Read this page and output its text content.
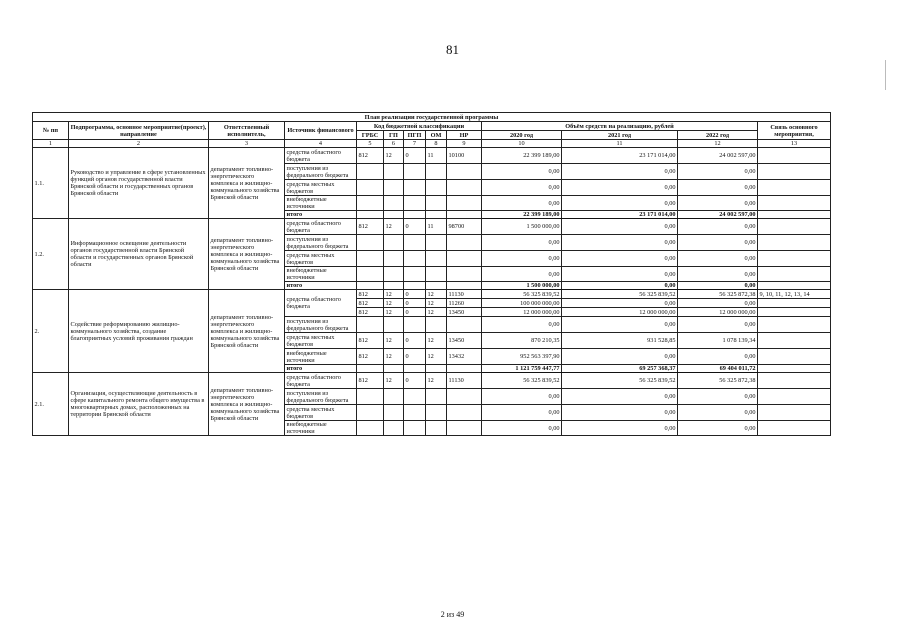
81
План реализации государственной программы												
№ пп	Подпрограмма, основное мероприятие(проект), направление	Ответственный исполнитель,	Источник финансового	Код бюджетной классификации					Объём средств на реализацию, рублей			Связь основного мероприятия,
				ГРБС	ГП	ПГП	ОМ	НР	2020 год	2021 год	2022 год	
1	2	3	4	5	6	7	8	9	10	11	12	13
1.1.	Руководство и управление в сфере установленных функций органов государственной власти Брянской области и государственных органов Брянской области	департамент топливно-энергетического комплекса и жилищно-коммунального хозяйства Брянской области	средства областного бюджета	812	12	0	11	10100	22 399 189,00	23 171 014,00	24 002 597,00	
			поступления из федерального бюджета						0,00	0,00	0,00	
			средства местных бюджетов						0,00	0,00	0,00	
			внебюджетные источники						0,00	0,00	0,00	
			итого						22 399 189,00	23 171 014,00	24 002 597,00	
1.2.	Информационное освещение деятельности органов государственной власти Брянской области и государственных органов Брянской области	департамент топливно-энергетического комплекса и жилищно-коммунального хозяйства Брянской области	средства областного бюджета	812	12	0	11	98700	1 500 000,00	0,00	0,00	
			поступления из федерального бюджета						0,00	0,00	0,00	
			средства местных бюджетов						0,00	0,00	0,00	
			внебюджетные источники						0,00	0,00	0,00	
			итого						1 500 000,00	0,00	0,00	
2.	Содействие реформированию жилищно-коммунального хозяйства, создание благоприятных условий проживания граждан	департамент топливно-энергетического комплекса и жилищно-коммунального хозяйства Брянской области	средства областного бюджета	812	12	0	12	11130	56 325 839,52	56 325 839,52	56 325 872,38	9, 10, 11, 12, 13, 14
				812	12	0	12	11260	100 000 000,00	0,00	0,00	
				812	12	0	12	13450	12 000 000,00	12 000 000,00	12 000 000,00	
			поступления из федерального бюджета						0,00	0,00	0,00	
			средства местных бюджетов	812	12	0	12	13450	870 210,35	931 528,85	1 078 139,34	
			внебюджетные источники	812	12	0	12	13432	952 563 397,90	0,00	0,00	
			итого						1 121 759 447,77	69 257 368,37	69 404 011,72	
2.1.	Организация, осуществляющие деятельность в сфере капитального ремонта общего имущества в многоквартирных домах, расположенных на территории Брянской области	департамент топливно-энергетического комплекса и жилищно-коммунального хозяйства Брянской области	средства областного бюджета	812	12	0	12	11130	56 325 839,52	56 325 839,52	56 325 872,38	
			поступления из федерального бюджета						0,00	0,00	0,00	
			средства местных бюджетов						0,00	0,00	0,00	
			внебюджетные источники						0,00	0,00	0,00	
2 из 49
